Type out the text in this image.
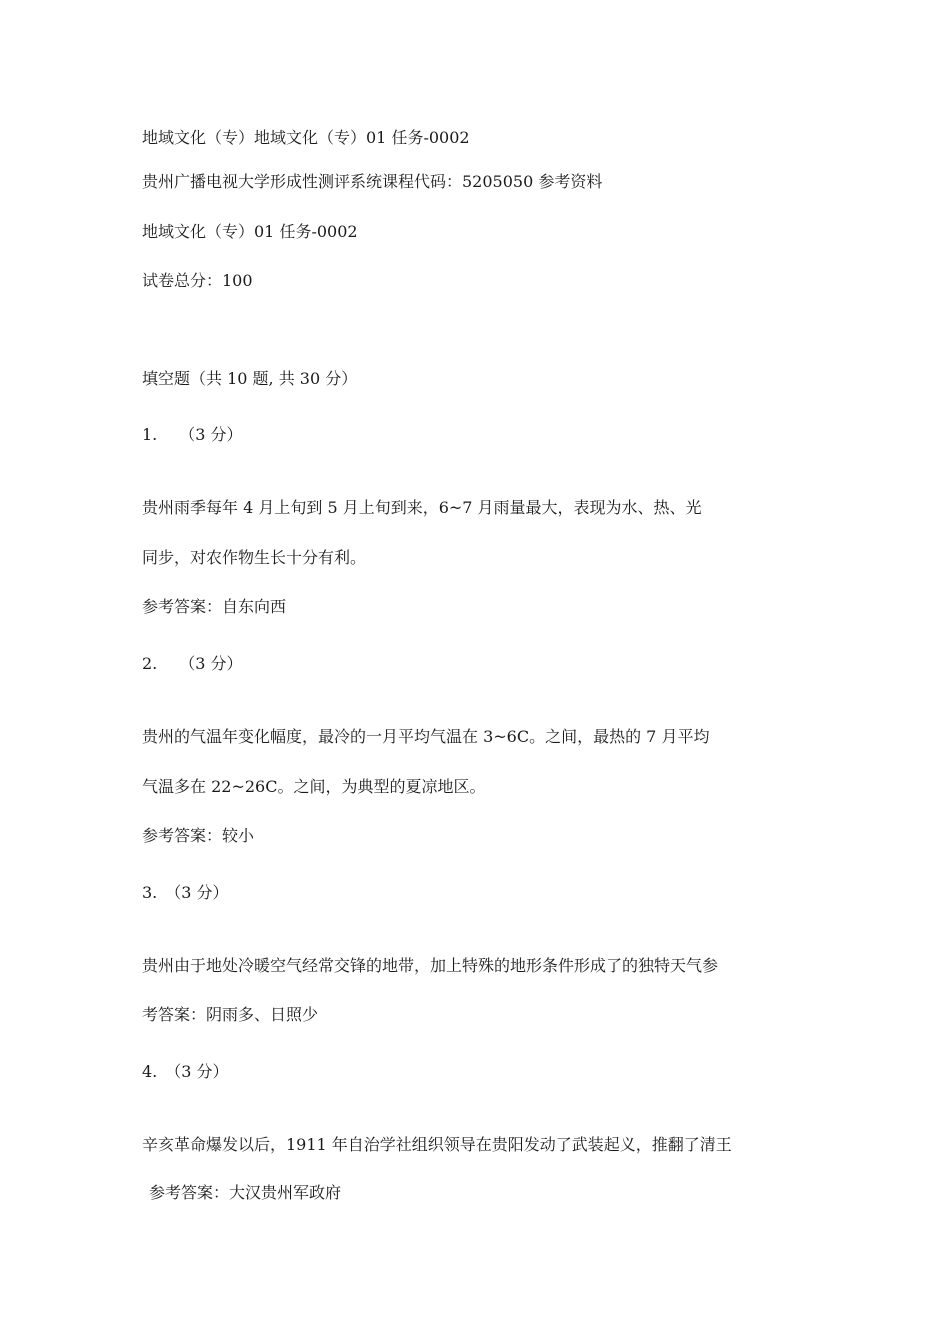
地域文化（专）地域文化（专）01 任务-0002
贵州广播电视大学形成性测评系统课程代码：5205050 参考资料
地域文化（专）01 任务-0002
试卷总分：100
填空题（共 10 题, 共 30 分）
1. （3 分）
贵州雨季每年 4 月上旬到 5 月上旬到来，6~7 月雨量最大，表现为水、热、光
同步，对农作物生长十分有利。
参考答案：自东向西
2. （3 分）
贵州的气温年变化幅度，最冷的一月平均气温在 3~6C。之间，最热的 7 月平均
气温多在 22~26C。之间，为典型的夏凉地区。
参考答案：较小
3. （3 分）
贵州由于地处冷暖空气经常交锋的地带，加上特殊的地形条件形成了的独特天气参
考答案：阴雨多、日照少
4. （3 分）
辛亥革命爆发以后，1911 年自治学社组织领导在贵阳发动了武装起义，推翻了清王
参考答案：大汉贵州军政府
